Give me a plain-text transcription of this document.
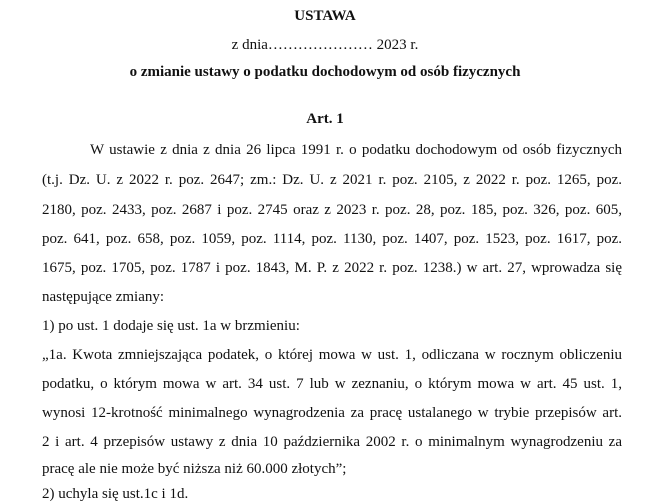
USTAWA
z dnia………………… 2023 r.
o zmianie ustawy o podatku dochodowym od osób fizycznych
Art. 1
W ustawie z dnia z dnia 26 lipca 1991 r. o podatku dochodowym od osób fizycznych
(t.j. Dz. U. z 2022 r. poz. 2647; zm.: Dz. U. z 2021 r. poz. 2105, z 2022 r. poz. 1265, poz.
2180, poz. 2433, poz. 2687 i poz. 2745 oraz z 2023 r. poz. 28, poz. 185, poz. 326, poz. 605,
poz. 641, poz. 658, poz. 1059, poz. 1114, poz. 1130, poz. 1407, poz. 1523, poz. 1617, poz.
1675, poz. 1705, poz. 1787 i poz. 1843, M. P. z 2022 r. poz. 1238.) w art. 27, wprowadza się
następujące zmiany:
1) po ust. 1 dodaje się ust. 1a w brzmieniu:
„1a. Kwota zmniejszająca podatek, o której mowa w ust. 1, odliczana w rocznym obliczeniu
podatku, o którym mowa w art. 34 ust. 7 lub w zeznaniu, o którym mowa w art. 45 ust. 1,
wynosi 12-krotność minimalnego wynagrodzenia za pracę ustalanego w trybie przepisów art.
2 i art. 4 przepisów ustawy z dnia 10 października 2002 r. o minimalnym wynagrodzeniu za
pracę ale nie może być niższa niż 60.000 złotych”;
2) uchyla się ust.1c i 1d.
